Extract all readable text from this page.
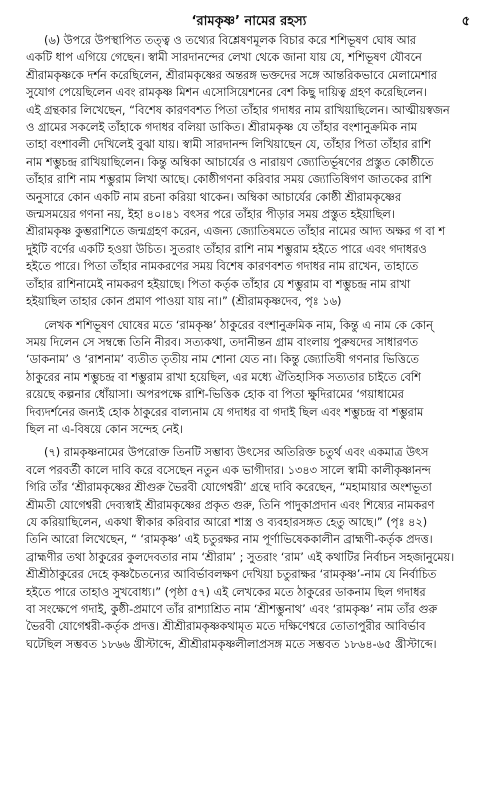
‘রামকৃষ্ণ’ নামের রহস্য	৫
(৬) উপরে উপস্থাপিত তত্ত্ব ও তথ্যের বিশ্লেষণমূলক বিচার করে শশিভূষণ ঘোষ আর
একটি ধাপ এগিয়ে গেছেন। স্বামী সারদানন্দের লেখা থেকে জানা যায় যে, শশিভূষণ যৌবনে
শ্রীরামকৃষ্ণকে দর্শন করেছিলেন, শ্রীরামকৃষ্ণের অন্তরঙ্গ ভক্তদের সঙ্গে আন্তরিকভাবে মেলামেশার
সুযোগ পেয়েছিলেন এবং রামকৃষ্ণ মিশন এসোসিয়েশনের বেশ কিছু দায়িত্ব গ্রহণ করেছিলেন।
এই গ্রন্থকার লিখেছেন, “বিশেষ কারণবশত পিতা তাঁহার গদাধর নাম রাখিয়াছিলেন। আত্মীয়স্বজন
ও গ্রামের সকলেই তাঁহাকে গদাধর বলিয়া ডাকিত। শ্রীরামকৃষ্ণ যে তাঁহার বংশানুক্রমিক নাম
তাহা বংশাবলী দেখিলেই বুঝা যায়। স্বামী সারদানন্দ লিখিয়াছেন যে, তাঁহার পিতা তাঁহার রাশি
নাম শম্ভুচন্দ্র রাখিয়াছিলেন। কিন্তু অম্বিকা আচার্যের ও নারায়ণ জ্যোতির্ভূষণের প্রস্তুত কোষ্ঠীতে
তাঁহার রাশি নাম শম্ভুরাম লিখা আছে। কোষ্ঠীগণনা করিবার সময় জ্যোতিষিগণ জাতকের রাশি
অনুসারে কোন একটি নাম রচনা করিয়া থাকেন। অম্বিকা আচার্যের কোষ্ঠী শ্রীরামকৃষ্ণের
জন্মসময়ের গণনা নয়, ইহা ৪০।৪১ বৎসর পরে তাঁহার পীড়ার সময় প্রস্তুত হইয়াছিল।
শ্রীরামকৃষ্ণ কুম্ভরাশিতে জন্মগ্রহণ করেন, এজন্য জ্যোতিষমতে তাঁহার নামের আদ্য অক্ষর গ বা শ
দুইটি বর্ণের একটি হওয়া উচিত। সুতরাং তাঁহার রাশি নাম শম্ভুরাম হইতে পারে এবং গদাধরও
হইতে পারে। পিতা তাঁহার নামকরণের সময় বিশেষ কারণবশত গদাধর নাম রাখেন, তাহাতে
তাঁহার রাশিনামেই নামকরণ হইয়াছে। পিতা কর্তৃক তাঁহার যে শম্ভুরাম বা শম্ভুচন্দ্র নাম রাখা
হইয়াছিল তাহার কোন প্রমাণ পাওয়া যায় না।” (শ্রীরামকৃষ্ণদেব, পৃঃ ১৬)
লেখক শশিভূষণ ঘোষের মতে ‘রামকৃষ্ণ’ ঠাকুরের বংশানুক্রমিক নাম, কিন্তু এ নাম কে কোন্
সময় দিলেন সে সম্বন্ধে তিনি নীরব। সত্যকথা, তদানীন্তন গ্রাম বাংলায় পুরুষদের সাধারণত
‘ডাকনাম’ ও ‘রাশনাম’ ব্যতীত তৃতীয় নাম শোনা যেত না। কিন্তু জ্যোতিষী গণনার ভিত্তিতে
ঠাকুরের নাম শম্ভুচন্দ্র বা শম্ভুরাম রাখা হয়েছিল, এর মধ্যে ঐতিহাসিক সত্যতার চাইতে বেশি
রয়েছে কল্পনার ধোঁয়াসা। অপরপক্ষে রাশি-ভিত্তিক হোক বা পিতা ক্ষুদিরামের ‘গয়াধামের
দিব্যদর্শনের জন্যই হোক ঠাকুরের বাল্যনাম যে গদাধর বা গদাই ছিল এবং শম্ভুচন্দ্র বা শম্ভুরাম
ছিল না এ-বিষয়ে কোন সন্দেহ নেই।
(৭) রামকৃষ্ণনামের উপরোক্ত তিনটি সম্ভাব্য উৎসের অতিরিক্ত চতুর্থ এবং একমাত্র উৎস
বলে পরবর্তী কালে দাবি করে বসেছেন নতুন এক ভাগীদার। ১৩৪৩ সালে স্বামী কালীকৃষ্ণানন্দ
গিরি তাঁর ‘শ্রীরামকৃষ্ণের শ্রীগুরু ভৈরবী যোগেশ্বরী’ গ্রন্থে দাবি করেছেন, “মহামায়ার অংশভূতা
শ্রীমতী যোগেশ্বরী দেব্যস্বাই শ্রীরামকৃষ্ণের প্রকৃত গুরু, তিনি পাদুকাপ্রদান এবং শিষ্যের নামকরণ
যে করিয়াছিলেন, একথা স্বীকার করিবার আরো শাস্ত্র ও ব্যবহারসঙ্গত হেতু আছে।” (পৃঃ ৪২)
তিনি আরো লিখেছেন, “ ‘রামকৃষ্ণ’ এই চতুরক্ষর নাম পূর্ণাভিষেককালীন ব্রাহ্মণী-কর্তৃক প্রদত্ত।
ব্রাহ্মণীর তথা ঠাকুরের কুলদেবতার নাম ‘শ্রীরাম’ ; সুতরাং ‘রাম’ এই কথাটির নির্বাচন সহজানুমেয়।
শ্রীশ্রীঠাকুরের দেহে কৃষ্ণচৈতন্যের আবির্ভাবলক্ষণ দেখিয়া চতুরাক্ষর ‘রামকৃষ্ণ’-নাম যে নির্বাচিত
হইতে পারে তাহাও সুখবোধ্য।” (পৃষ্ঠা ৫৭) এই লেখকের মতে ঠাকুরের ডাকনাম ছিল গদাধর
বা সংক্ষেপে গদাই, কুষ্ঠী-প্রমাণে তাঁর রাশ্যাশ্রিত নাম ‘শ্রীশম্ভুনাথ’ এবং ‘রামকৃষ্ণ’ নাম তাঁর গুরু
ভৈরবী যোগেশ্বরী-কর্তৃক প্রদত্ত। শ্রীশ্রীরামকৃষ্ণকথামৃত মতে দক্ষিণেশ্বরে তোতাপুরীর আবির্ভাব
ঘটেছিল সম্ভবত ১৮৬৬ খ্রীস্টাব্দে, শ্রীশ্রীরামকৃষ্ণলীলাপ্রসঙ্গ মতে সম্ভবত ১৮৬৪-৬৫ খ্রীস্টাব্দে।
